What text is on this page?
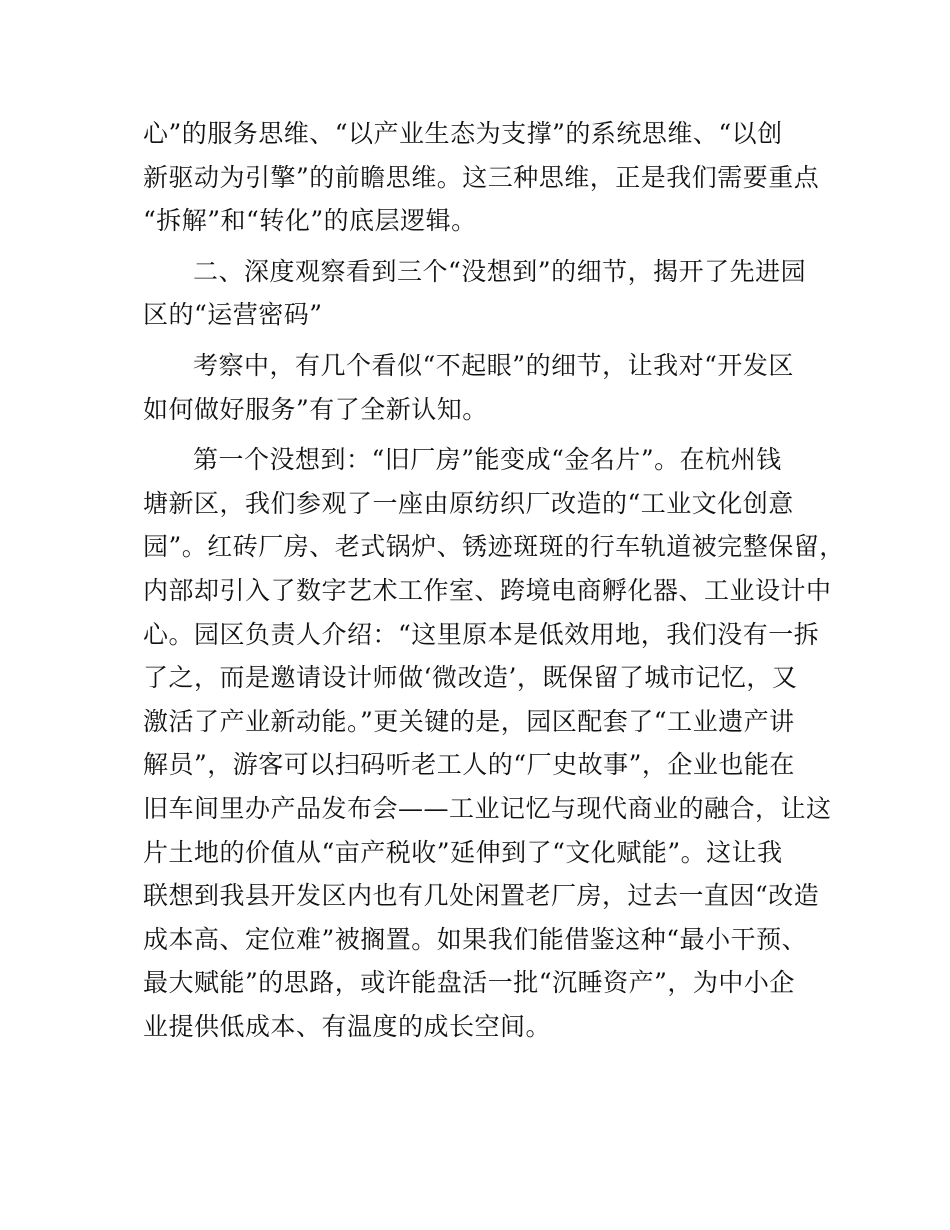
心”的服务思维、“以产业生态为支撑”的系统思维、“以创
新驱动为引擎”的前瞻思维。这三种思维，正是我们需要重点
“拆解”和“转化”的底层逻辑。
二、深度观察看到三个“没想到”的细节，揭开了先进园
区的“运营密码”
考察中，有几个看似“不起眼”的细节，让我对“开发区
如何做好服务”有了全新认知。
第一个没想到：“旧厂房”能变成“金名片”。在杭州钱
塘新区，我们参观了一座由原纺织厂改造的“工业文化创意
园”。红砖厂房、老式锅炉、锈迹斑斑的行车轨道被完整保留，
内部却引入了数字艺术工作室、跨境电商孵化器、工业设计中
心。园区负责人介绍：“这里原本是低效用地，我们没有一拆
了之，而是邀请设计师做‘微改造’，既保留了城市记忆，又
激活了产业新动能。”更关键的是，园区配套了“工业遗产讲
解员”，游客可以扫码听老工人的“厂史故事”，企业也能在
旧车间里办产品发布会——工业记忆与现代商业的融合，让这
片土地的价值从“亩产税收”延伸到了“文化赋能”。这让我
联想到我县开发区内也有几处闲置老厂房，过去一直因“改造
成本高、定位难”被搁置。如果我们能借鉴这种“最小干预、
最大赋能”的思路，或许能盘活一批“沉睡资产”，为中小企
业提供低成本、有温度的成长空间。
